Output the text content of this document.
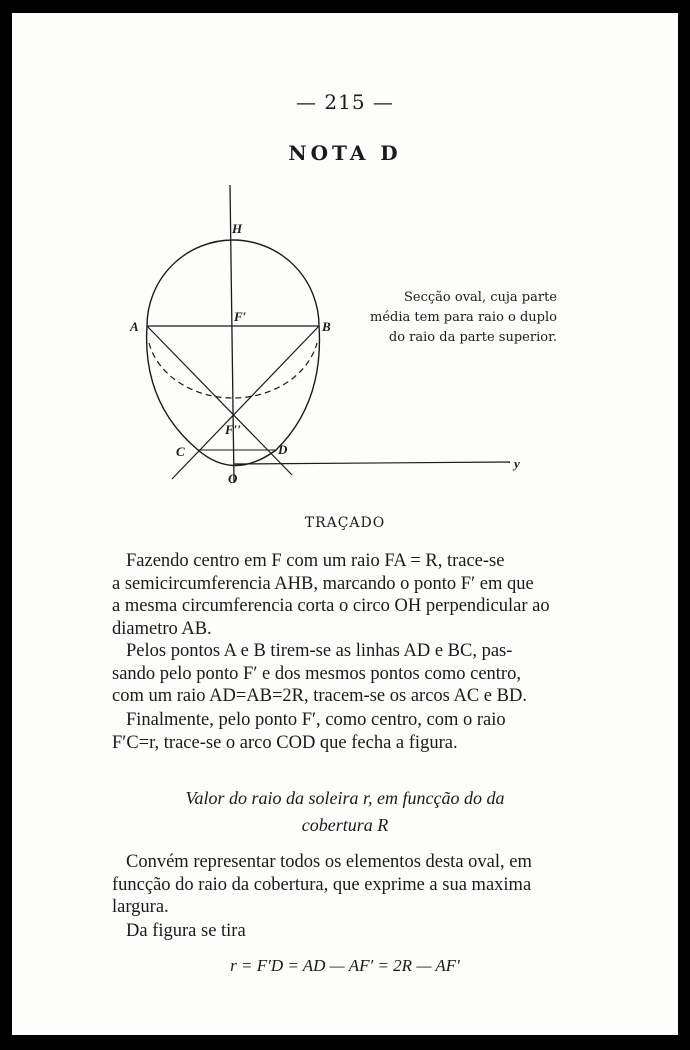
— 215 —
NOTA D
H
A
F′
B
F′′
C	D
O
y
Secção oval, cuja parte
média tem para raio o duplo
do raio da parte superior.
TRAÇADO
Fazendo centro em F com um raio FA = R, trace-se
a semicircumferencia AHB, marcando o ponto F′ em que
a mesma circumferencia corta o circo OH perpendicular ao
diametro AB.
Pelos pontos A e B tirem-se as linhas AD e BC, pas-
sando pelo ponto F′ e dos mesmos pontos como centro,
com um raio AD=AB=2R, tracem-se os arcos AC e BD.
Finalmente, pelo ponto F′, como centro, com o raio
F′C=r, trace-se o arco COD que fecha a figura.
Valor do raio da soleira r, em funcção do da
cobertura R
Convém representar todos os elementos desta oval, em
funcção do raio da cobertura, que exprime a sua maxima
largura.
Da figura se tira
r = F′D = AD — AF′ = 2R — AF′
